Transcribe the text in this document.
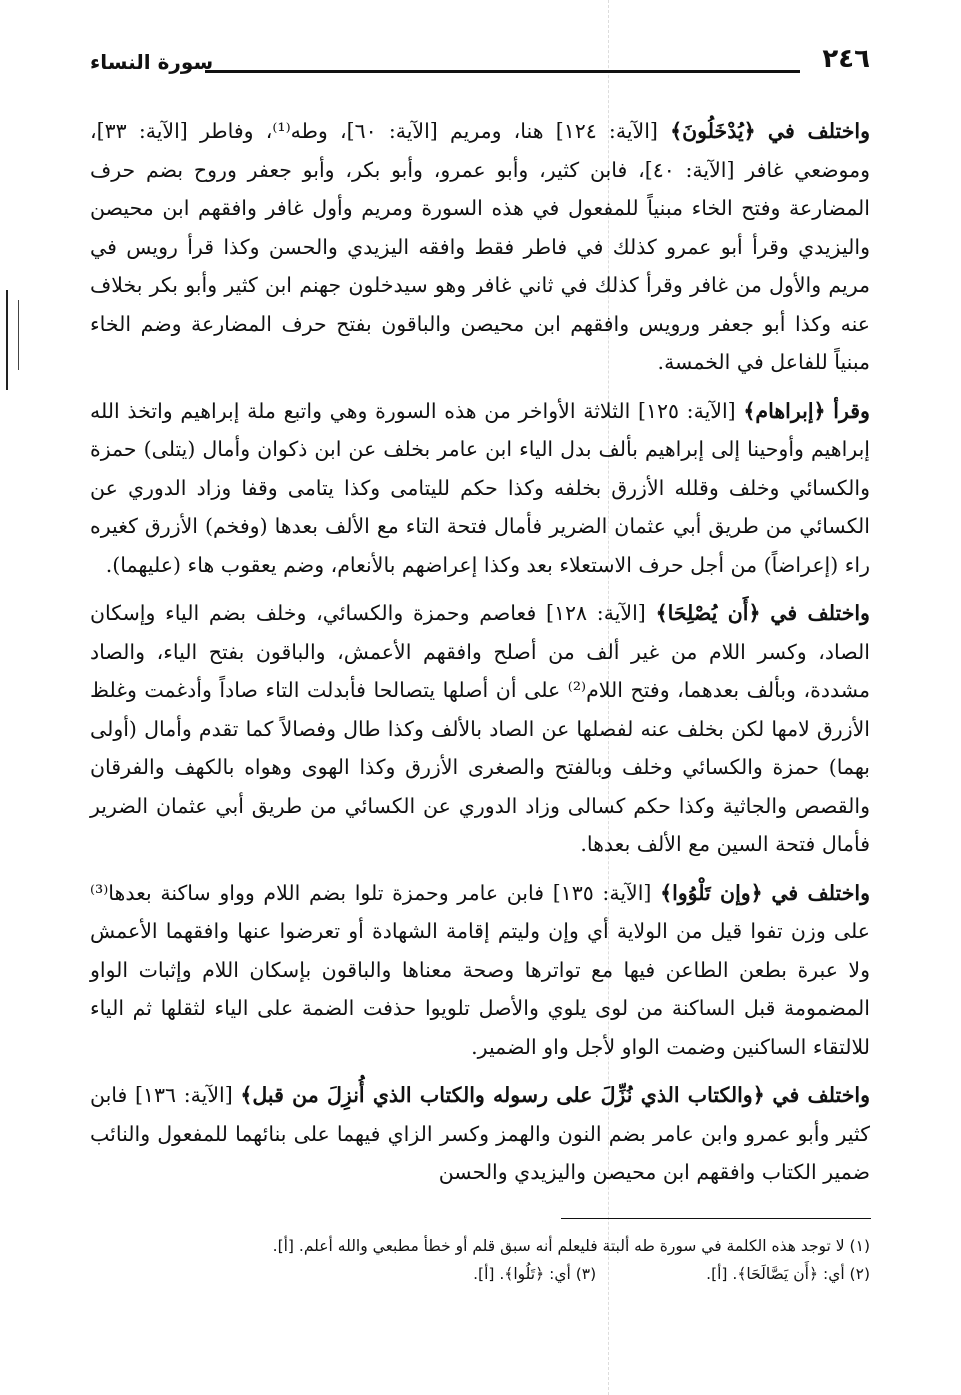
٢٤٦
سورة النساء

واختلف في ﴿يُدْخَلُونَ﴾ [الآية: ١٢٤] هنا، ومريم [الآية: ٦٠]، وطه⁽¹⁾، وفاطر [الآية: ٣٣]، وموضعي غافر [الآية: ٤٠]، فابن كثير، وأبو عمرو، وأبو بكر، وأبو جعفر وروح بضم حرف المضارعة وفتح الخاء مبنياً للمفعول في هذه السورة ومريم وأول غافر وافقهم ابن محيصن واليزيدي وقرأ أبو عمرو كذلك في فاطر فقط وافقه اليزيدي والحسن وكذا قرأ رويس في مريم والأول من غافر وقرأ كذلك في ثاني غافر وهو سيدخلون جهنم ابن كثير وأبو بكر بخلاف عنه وكذا أبو جعفر ورويس وافقهم ابن محيصن والباقون بفتح حرف المضارعة وضم الخاء مبنياً للفاعل في الخمسة.

وقرأ ﴿إبراهام﴾ [الآية: ١٢٥] الثلاثة الأواخر من هذه السورة وهي واتبع ملة إبراهيم واتخذ الله إبراهيم وأوحينا إلى إبراهيم بألف بدل الياء ابن عامر بخلف عن ابن ذكوان وأمال (يتلى) حمزة والكسائي وخلف وقلله الأزرق بخلفه وكذا حكم لليتامى وكذا يتامى وقفا وزاد الدوري عن الكسائي من طريق أبي عثمان الضرير فأمال فتحة التاء مع الألف بعدها (وفخم) الأزرق كغيره راء (إعراضاً) من أجل حرف الاستعلاء بعد وكذا إعراضهم بالأنعام، وضم يعقوب هاء (عليهما).

واختلف في ﴿أَن يُصْلِحَا﴾ [الآية: ١٢٨] فعاصم وحمزة والكسائي، وخلف بضم الياء وإسكان الصاد، وكسر اللام من غير ألف من أصلح وافقهم الأعمش، والباقون بفتح الياء، والصاد مشددة، وبألف بعدهما، وفتح اللام⁽²⁾ على أن أصلها يتصالحا فأبدلت التاء صاداً وأدغمت وغلظ الأزرق لامها لكن بخلف عنه لفصلها عن الصاد بالألف وكذا طال وفصالاً كما تقدم وأمال (أولى بهما) حمزة والكسائي وخلف وبالفتح والصغرى الأزرق وكذا الهوى وهواه بالكهف والفرقان والقصص والجاثية وكذا حكم كسالى وزاد الدوري عن الكسائي من طريق أبي عثمان الضرير فأمال فتحة السين مع الألف بعدها.

واختلف في ﴿وإن تَلْوُوا﴾ [الآية: ١٣٥] فابن عامر وحمزة تلوا بضم اللام وواو ساكنة بعدها⁽³⁾ على وزن تفوا قيل من الولاية أي وإن وليتم إقامة الشهادة أو تعرضوا عنها وافقهما الأعمش ولا عبرة بطعن الطاعن فيها مع تواترها وصحة معناها والباقون بإسكان اللام وإثبات الواو المضمومة قبل الساكنة من لوى يلوي والأصل تلويوا حذفت الضمة على الياء لثقلها ثم الياء للالتقاء الساكنين وضمت الواو لأجل واو الضمير.

واختلف في ﴿والكتاب الذي نُزِّلَ على رسوله والكتاب الذي أُنزِلَ من قبل﴾ [الآية: ١٣٦] فابن كثير وأبو عمرو وابن عامر بضم النون والهمز وكسر الزاي فيهما على بنائهما للمفعول والنائب ضمير الكتاب وافقهم ابن محيصن واليزيدي والحسن

(١) لا توجد هذه الكلمة في سورة طه ألبتة فليعلم أنه سبق قلم أو خطأ مطبعي والله أعلم. [أ].
(٢) أي: ﴿أَن يَصَّالَحَا﴾. [أ].
(٣) أي: ﴿تَلُوا﴾. [أ].
